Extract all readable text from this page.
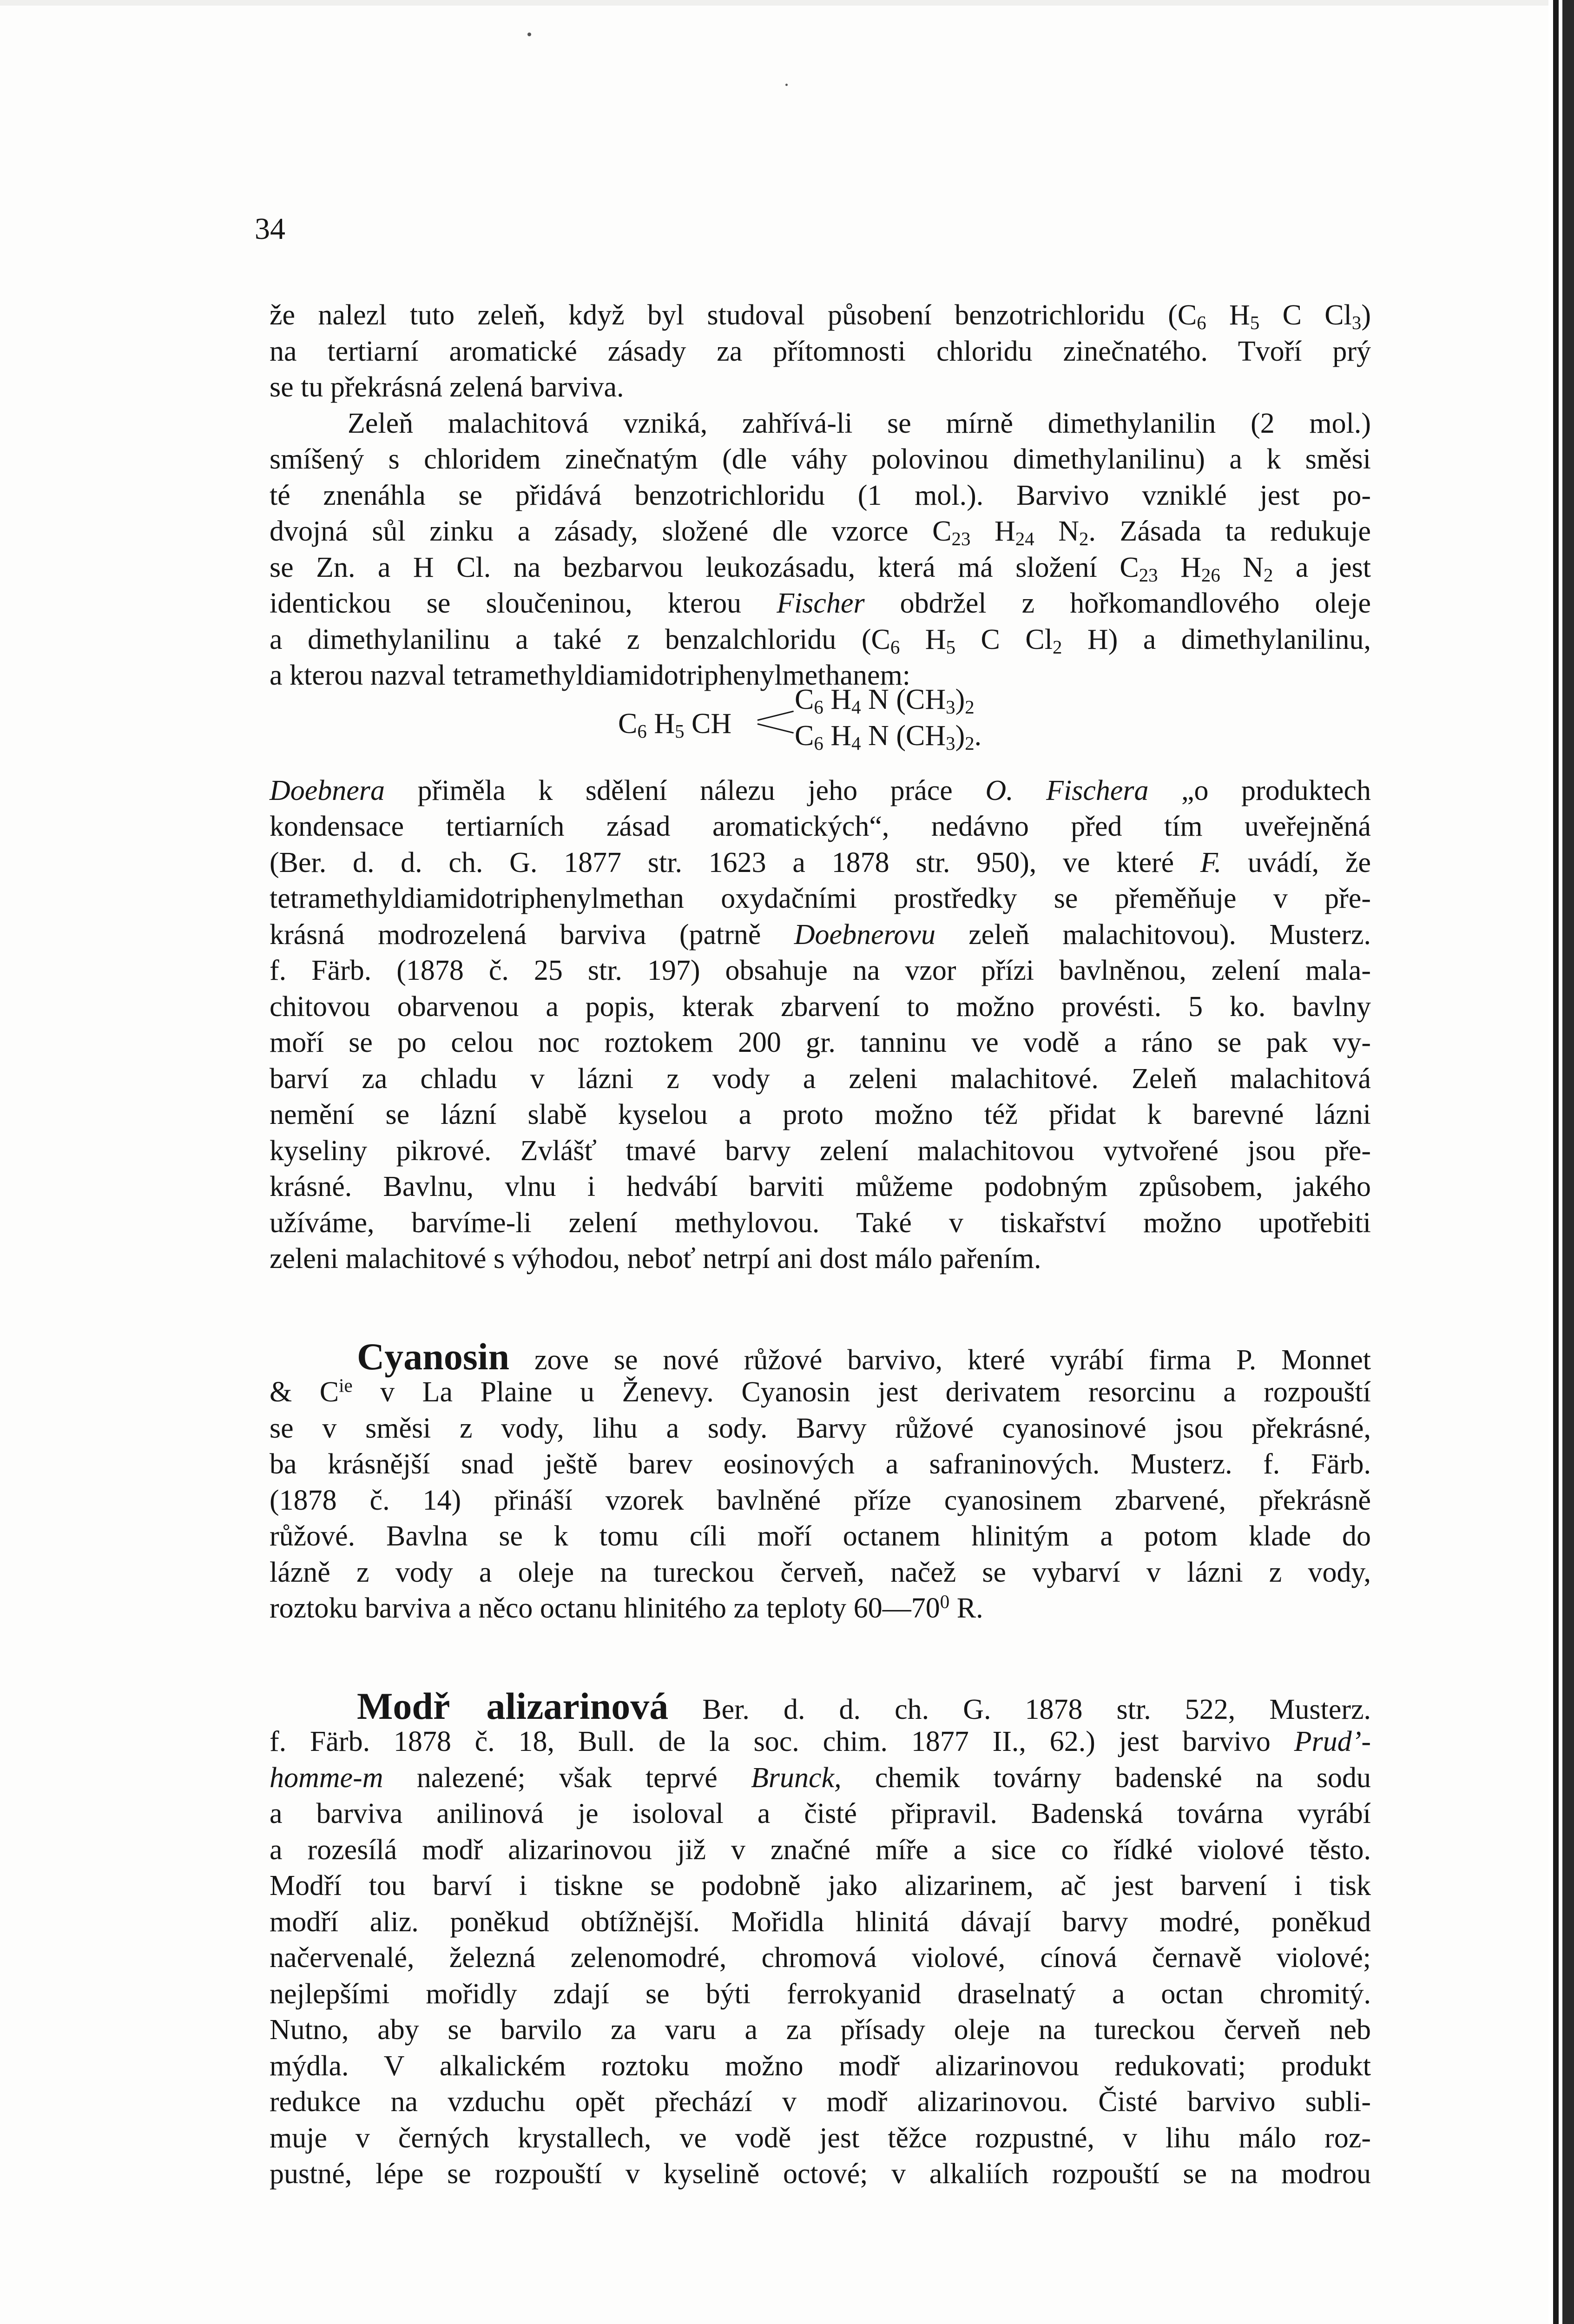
34
že nalezl tuto zeleň, když byl studoval působení benzotrichloridu ($C_6$ $H_5$ C $Cl_3$)
na tertiarní aromatické zásady za přítomnosti chloridu zinečnatého. Tvoří prý
se tu překrásná zelená barviva.
Zeleň malachitová vzniká, zahřívá-li se mírně dimethylanilin (2 mol.)
smíšený s chloridem zinečnatým (dle váhy polovinou dimethylanilinu) a k směsi
té znenáhla se přidává benzotrichloridu (1 mol.). Barvivo vzniklé jest po-
dvojná sůl zinku a zásady, složené dle vzorce $C_{23}$ $H_{24}$ $N_2$. Zásada ta redukuje
se Zn. a H Cl. na bezbarvou leukozásadu, která má složení $C_{23}$ $H_{26}$ $N_2$ a jest
identickou se sloučeninou, kterou Fischer obdržel z hořkomandlového oleje
a dimethylanilinu a také z benzalchloridu ($C_6$ $H_5$ C $Cl_2$ H) a dimethylanilinu,
a kterou nazval tetramethyldiamidotriphenylmethanem:
Doebnera přiměla k sdělení nálezu jeho práce O. Fischera „o produktech
kondensace tertiarních zásad aromatických“, nedávno před tím uveřejněná
(Ber. d. d. ch. G. 1877 str. 1623 a 1878 str. 950), ve které F. uvádí, že
tetramethyldiamidotriphenylmethan oxydačními prostředky se přeměňuje v pře-
krásná modrozelená barviva (patrně Doebnerovu zeleň malachitovou). Musterz.
f. Färb. (1878 č. 25 str. 197) obsahuje na vzor přízi bavlněnou, zelení mala-
chitovou obarvenou a popis, kterak zbarvení to možno provésti. 5 ko. bavlny
moří se po celou noc roztokem 200 gr. tanninu ve vodě a ráno se pak vy-
barví za chladu v lázni z vody a zeleni malachitové. Zeleň malachitová
nemění se lázní slabě kyselou a proto možno též přidat k barevné lázni
kyseliny pikrové. Zvlášť tmavé barvy zelení malachitovou vytvořené jsou pře-
krásné. Bavlnu, vlnu i hedvábí barviti můžeme podobným způsobem, jakého
užíváme, barvíme-li zelení methylovou. Také v tiskařství možno upotřebiti
zeleni malachitové s výhodou, neboť netrpí ani dost málo pařením.
Cyanosin zove se nové růžové barvivo, které vyrábí firma P. Monnet
& $C^{ie}$ v La Plaine u Ženevy. Cyanosin jest derivatem resorcinu a rozpouští
se v směsi z vody, lihu a sody. Barvy růžové cyanosinové jsou překrásné,
ba krásnější snad ještě barev eosinových a safraninových. Musterz. f. Färb.
(1878 č. 14) přináší vzorek bavlněné příze cyanosinem zbarvené, překrásně
růžové. Bavlna se k tomu cíli moří octanem hlinitým a potom klade do
lázně z vody a oleje na tureckou červeň, načež se vybarví v lázni z vody,
roztoku barviva a něco octanu hlinitého za teploty $60—70^0$ R.
Modř alizarinová Ber. d. d. ch. G. 1878 str. 522, Musterz.
f. Färb. 1878 č. 18, Bull. de la soc. chim. 1877 II., 62.) jest barvivo Prud’-
homme-m nalezené; však teprvé Brunck, chemik továrny badenské na sodu
a barviva anilinová je isoloval a čisté připravil. Badenská továrna vyrábí
a rozesílá modř alizarinovou již v značné míře a sice co řídké violové těsto.
Modří tou barví i tiskne se podobně jako alizarinem, ač jest barvení i tisk
modří aliz. poněkud obtížnější. Mořidla hlinitá dávají barvy modré, poněkud
načervenalé, železná zelenomodré, chromová violové, cínová černavě violové;
nejlepšími mořidly zdají se býti ferrokyanid draselnatý a octan chromitý.
Nutno, aby se barvilo za varu a za přísady oleje na tureckou červeň neb
mýdla. V alkalickém roztoku možno modř alizarinovou redukovati; produkt
redukce na vzduchu opět přechází v modř alizarinovou. Čisté barvivo subli-
muje v černých krystallech, ve vodě jest těžce rozpustné, v lihu málo roz-
pustné, lépe se rozpouští v kyselině octové; v alkaliích rozpouští se na modrou
$C_6$ $H_5$ CH
$C_6$ $H_4$ N $(CH_3)_2$
$C_6$ $H_4$ N $(CH_3)_2$.
